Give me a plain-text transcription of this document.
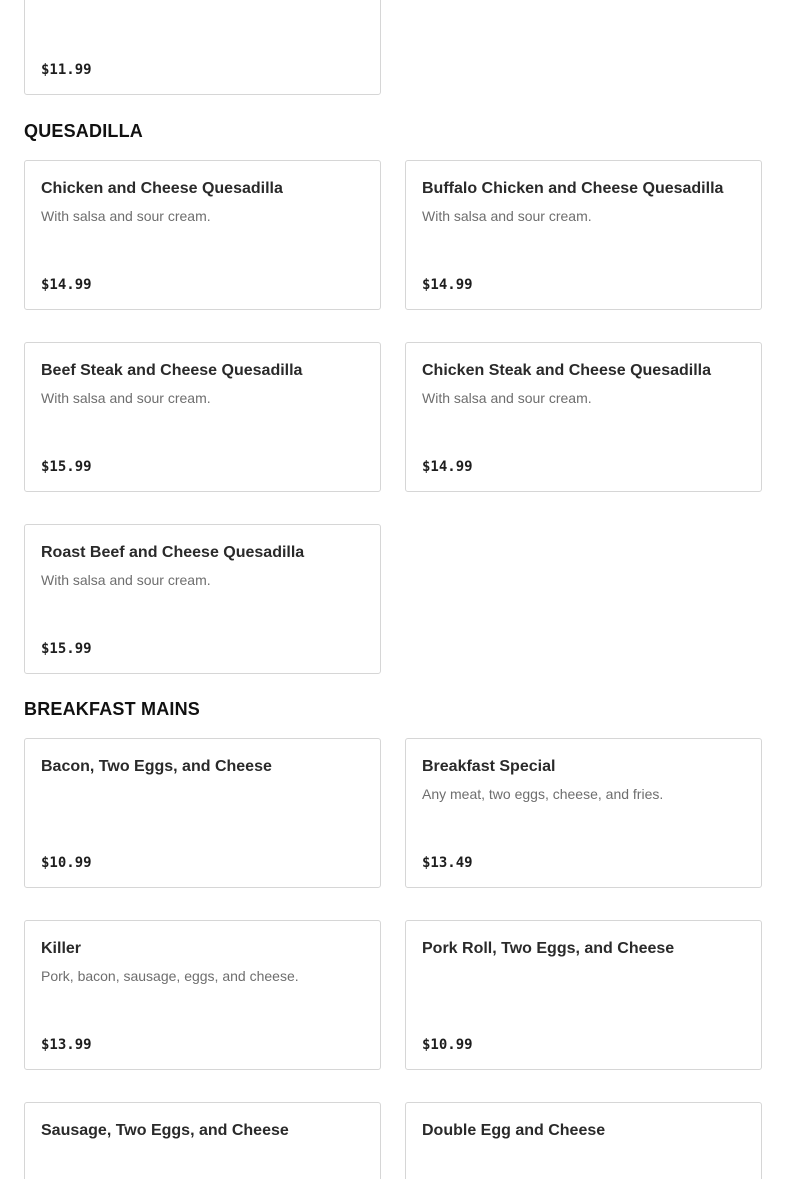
$11.99
QUESADILLA
Chicken and Cheese Quesadilla
With salsa and sour cream.
$14.99
Buffalo Chicken and Cheese Quesadilla
With salsa and sour cream.
$14.99
Beef Steak and Cheese Quesadilla
With salsa and sour cream.
$15.99
Chicken Steak and Cheese Quesadilla
With salsa and sour cream.
$14.99
Roast Beef and Cheese Quesadilla
With salsa and sour cream.
$15.99
BREAKFAST MAINS
Bacon, Two Eggs, and Cheese
$10.99
Breakfast Special
Any meat, two eggs, cheese, and fries.
$13.49
Killer
Pork, bacon, sausage, eggs, and cheese.
$13.99
Pork Roll, Two Eggs, and Cheese
$10.99
Sausage, Two Eggs, and Cheese	Double Egg and Cheese
